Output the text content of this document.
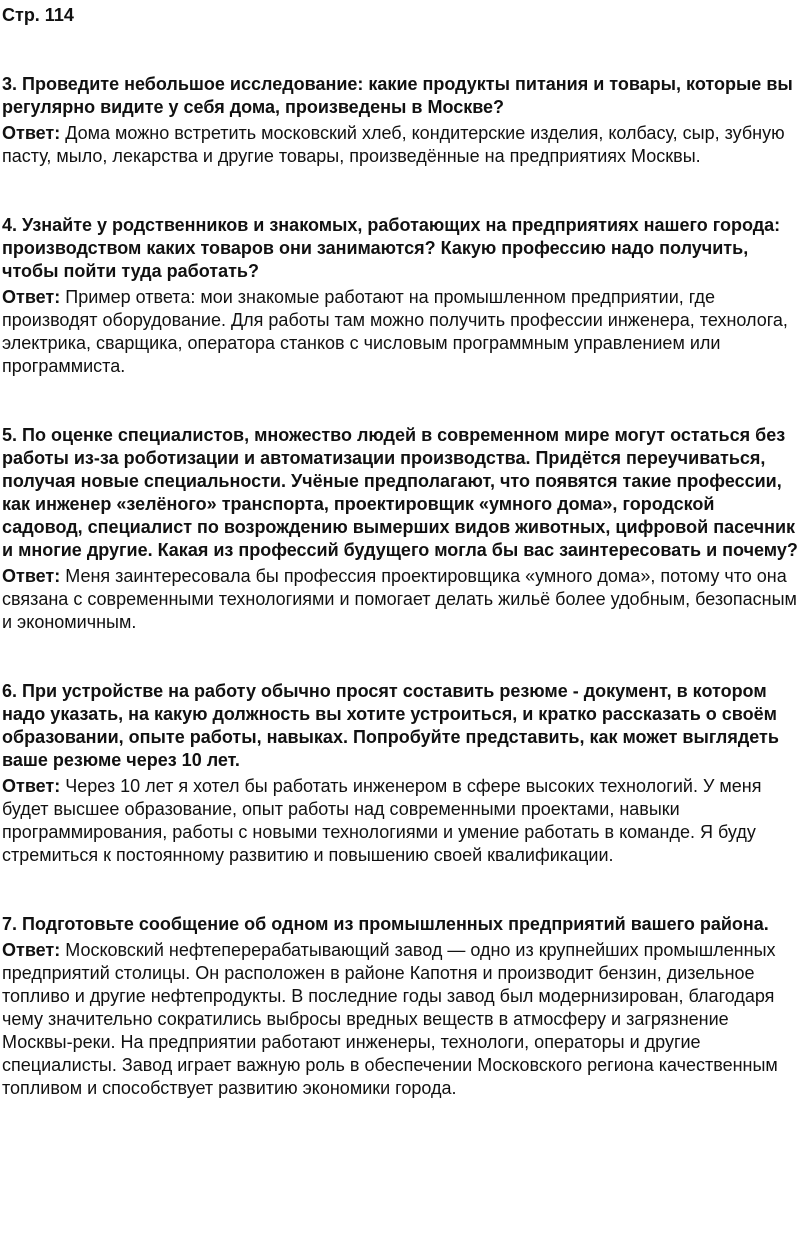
Стр. 114

3. Проведите небольшое исследование: какие продукты питания и товары, которые вы регулярно видите у себя дома, произведены в Москве?

Ответ: Дома можно встретить московский хлеб, кондитерские изделия, колбасу, сыр, зубную пасту, мыло, лекарства и другие товары, произведённые на предприятиях Москвы.

4. Узнайте у родственников и знакомых, работающих на предприятиях нашего города: производством каких товаров они занимаются? Какую профессию надо получить, чтобы пойти туда работать?

Ответ: Пример ответа: мои знакомые работают на промышленном предприятии, где производят оборудование. Для работы там можно получить профессии инженера, технолога, электрика, сварщика, оператора станков с числовым программным управлением или программиста.

5. По оценке специалистов, множество людей в современном мире могут остаться без работы из-за роботизации и автоматизации производства. Придётся переучиваться, получая новые специальности. Учёные предполагают, что появятся такие профессии, как инженер «зелёного» транспорта, проектировщик «умного дома», городской садовод, специалист по возрождению вымерших видов животных, цифровой пасечник и многие другие. Какая из профессий будущего могла бы вас заинтересовать и почему?

Ответ: Меня заинтересовала бы профессия проектировщика «умного дома», потому что она связана с современными технологиями и помогает делать жильё более удобным, безопасным и экономичным.

6. При устройстве на работу обычно просят составить резюме - документ, в котором надо указать, на какую должность вы хотите устроиться, и кратко рассказать о своём образовании, опыте работы, навыках. Попробуйте представить, как может выглядеть ваше резюме через 10 лет.

Ответ: Через 10 лет я хотел бы работать инженером в сфере высоких технологий. У меня будет высшее образование, опыт работы над современными проектами, навыки программирования, работы с новыми технологиями и умение работать в команде. Я буду стремиться к постоянному развитию и повышению своей квалификации.

7. Подготовьте сообщение об одном из промышленных предприятий вашего района.

Ответ: Московский нефтеперерабатывающий завод — одно из крупнейших промышленных предприятий столицы. Он расположен в районе Капотня и производит бензин, дизельное топливо и другие нефтепродукты. В последние годы завод был модернизирован, благодаря чему значительно сократились выбросы вредных веществ в атмосферу и загрязнение Москвы-реки. На предприятии работают инженеры, технологи, операторы и другие специалисты. Завод играет важную роль в обеспечении Московского региона качественным топливом и способствует развитию экономики города.
